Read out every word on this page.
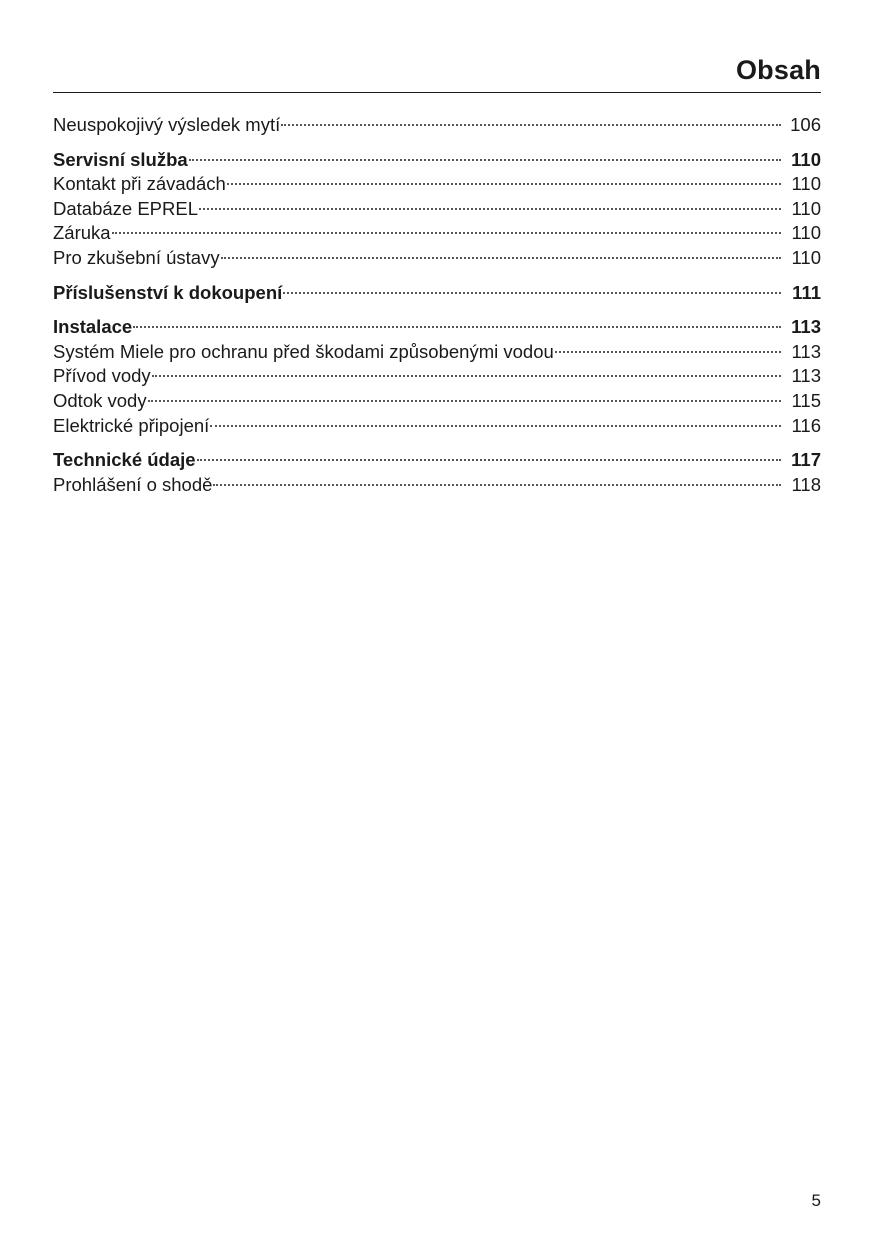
Obsah
Neuspokojivý výsledek mytí	106
Servisní služba	110
Kontakt při závadách	110
Databáze EPREL	110
Záruka	110
Pro zkušební ústavy	110
Příslušenství k dokoupení	111
Instalace	113
Systém Miele pro ochranu před škodami způsobenými vodou	113
Přívod vody	113
Odtok vody	115
Elektrické připojení	116
Technické údaje	117
Prohlášení o shodě	118
5
